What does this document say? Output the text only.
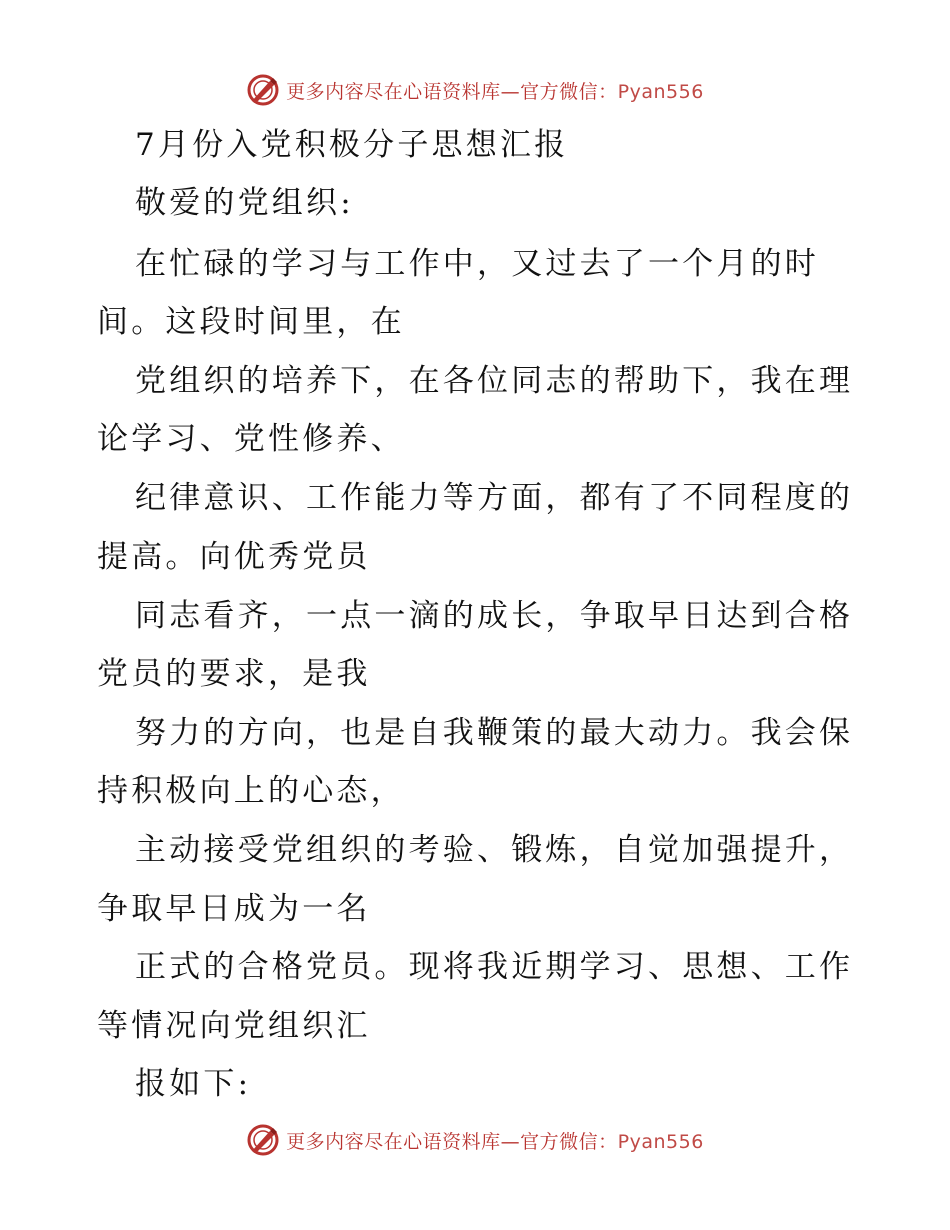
更多内容尽在心语资料库—官方微信：Pyan556
7月份入党积极分子思想汇报
敬爱的党组织:
在忙碌的学习与工作中，又过去了一个月的时
间。这段时间里，在
党组织的培养下，在各位同志的帮助下，我在理
论学习、党性修养、
纪律意识、工作能力等方面，都有了不同程度的
提高。向优秀党员
同志看齐，一点一滴的成长，争取早日达到合格
党员的要求，是我
努力的方向，也是自我鞭策的最大动力。我会保
持积极向上的心态，
主动接受党组织的考验、锻炼，自觉加强提升，
争取早日成为一名
正式的合格党员。现将我近期学习、思想、工作
等情况向党组织汇
报如下:
更多内容尽在心语资料库—官方微信：Pyan556
